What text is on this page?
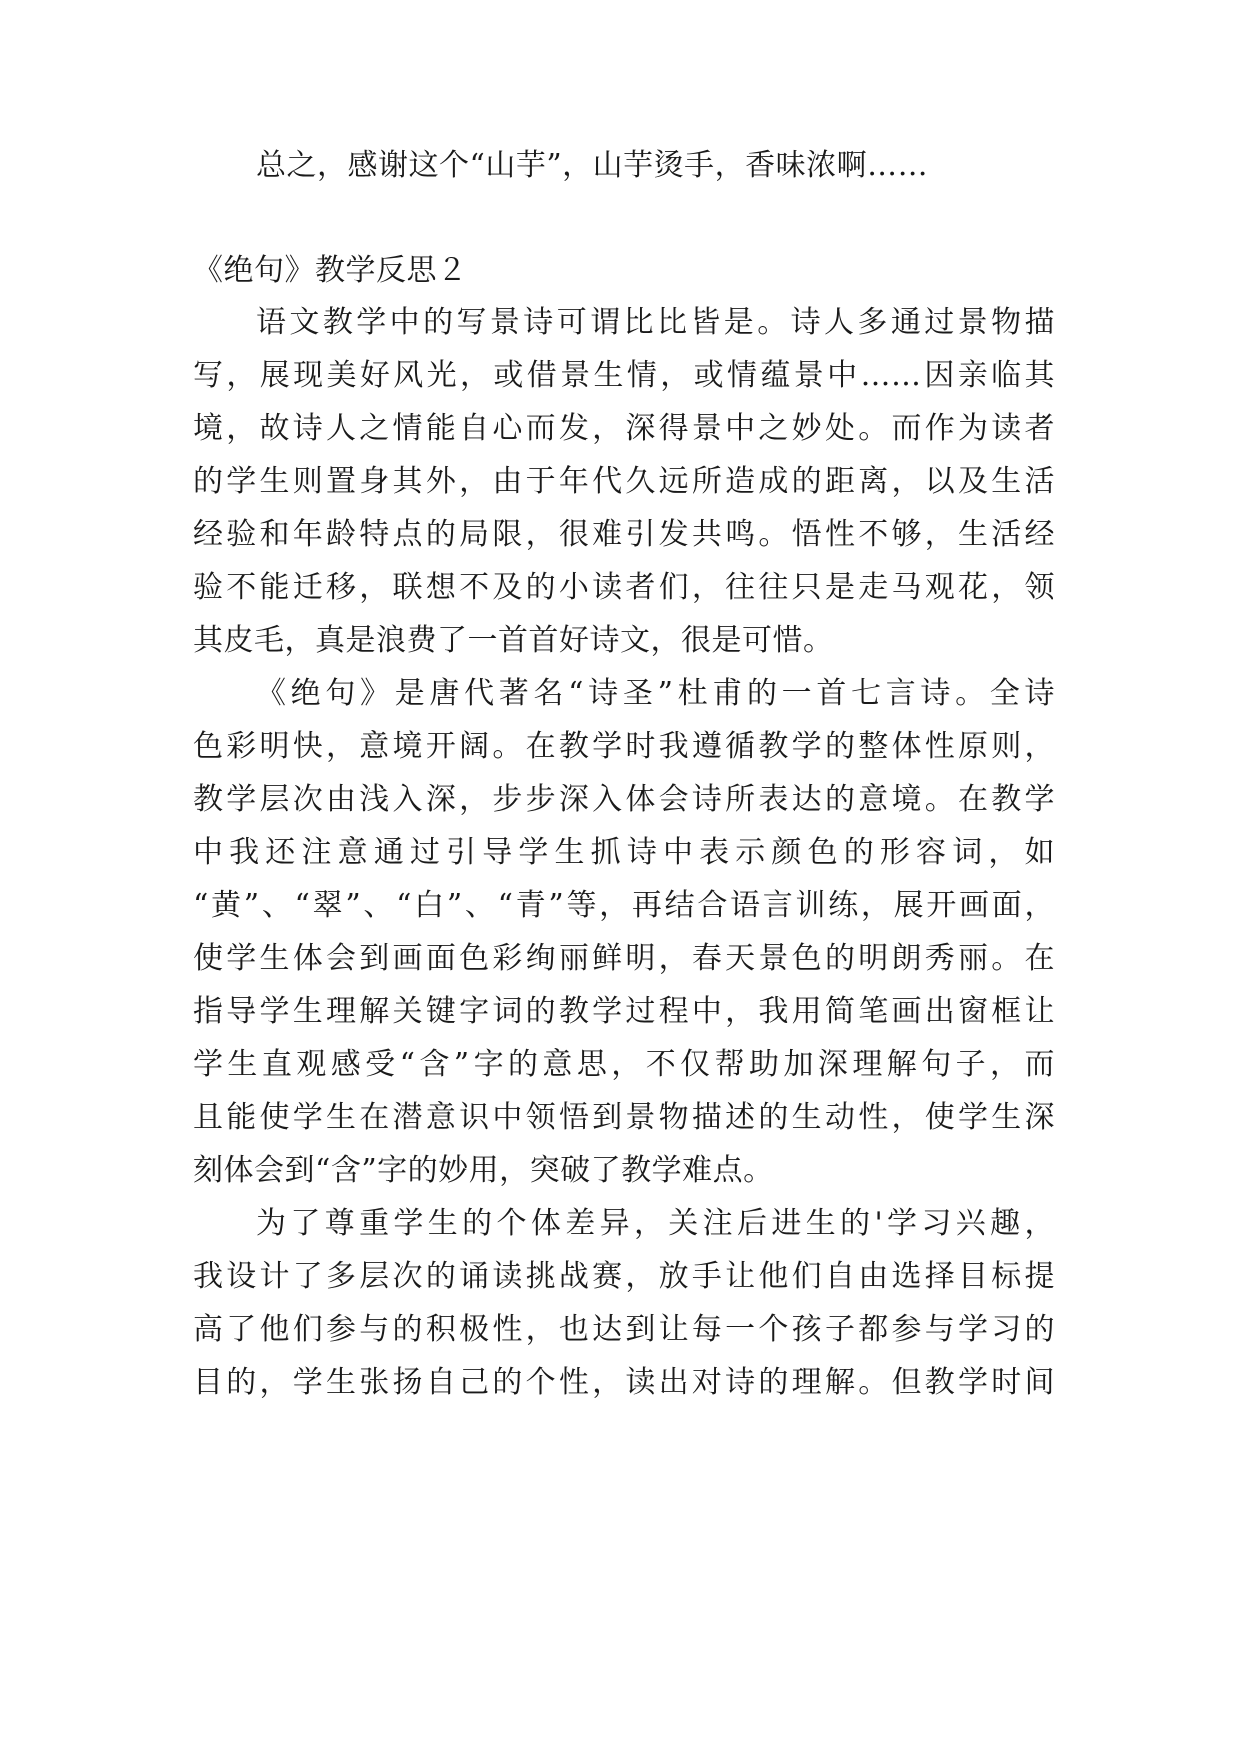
总之，感谢这个“山芋”，山芋烫手，香味浓啊……
《绝句》教学反思２
语文教学中的写景诗可谓比比皆是。诗人多通过景物描
写，展现美好风光，或借景生情，或情蕴景中……因亲临其
境，故诗人之情能自心而发，深得景中之妙处。而作为读者
的学生则置身其外，由于年代久远所造成的距离，以及生活
经验和年龄特点的局限，很难引发共鸣。悟性不够，生活经
验不能迁移，联想不及的小读者们，往往只是走马观花，领
其皮毛，真是浪费了一首首好诗文，很是可惜。
《绝句》是唐代著名“诗圣”杜甫的一首七言诗。全诗
色彩明快，意境开阔。在教学时我遵循教学的整体性原则，
教学层次由浅入深，步步深入体会诗所表达的意境。在教学
中我还注意通过引导学生抓诗中表示颜色的形容词，如
“黄”、“翠”、“白”、“青”等，再结合语言训练，展开画面，
使学生体会到画面色彩绚丽鲜明，春天景色的明朗秀丽。在
指导学生理解关键字词的教学过程中，我用简笔画出窗框让
学生直观感受“含”字的意思，不仅帮助加深理解句子，而
且能使学生在潜意识中领悟到景物描述的生动性，使学生深
刻体会到“含”字的妙用，突破了教学难点。
为了尊重学生的个体差异，关注后进生的'学习兴趣，
我设计了多层次的诵读挑战赛，放手让他们自由选择目标提
高了他们参与的积极性，也达到让每一个孩子都参与学习的
目的，学生张扬自己的个性，读出对诗的理解。但教学时间
